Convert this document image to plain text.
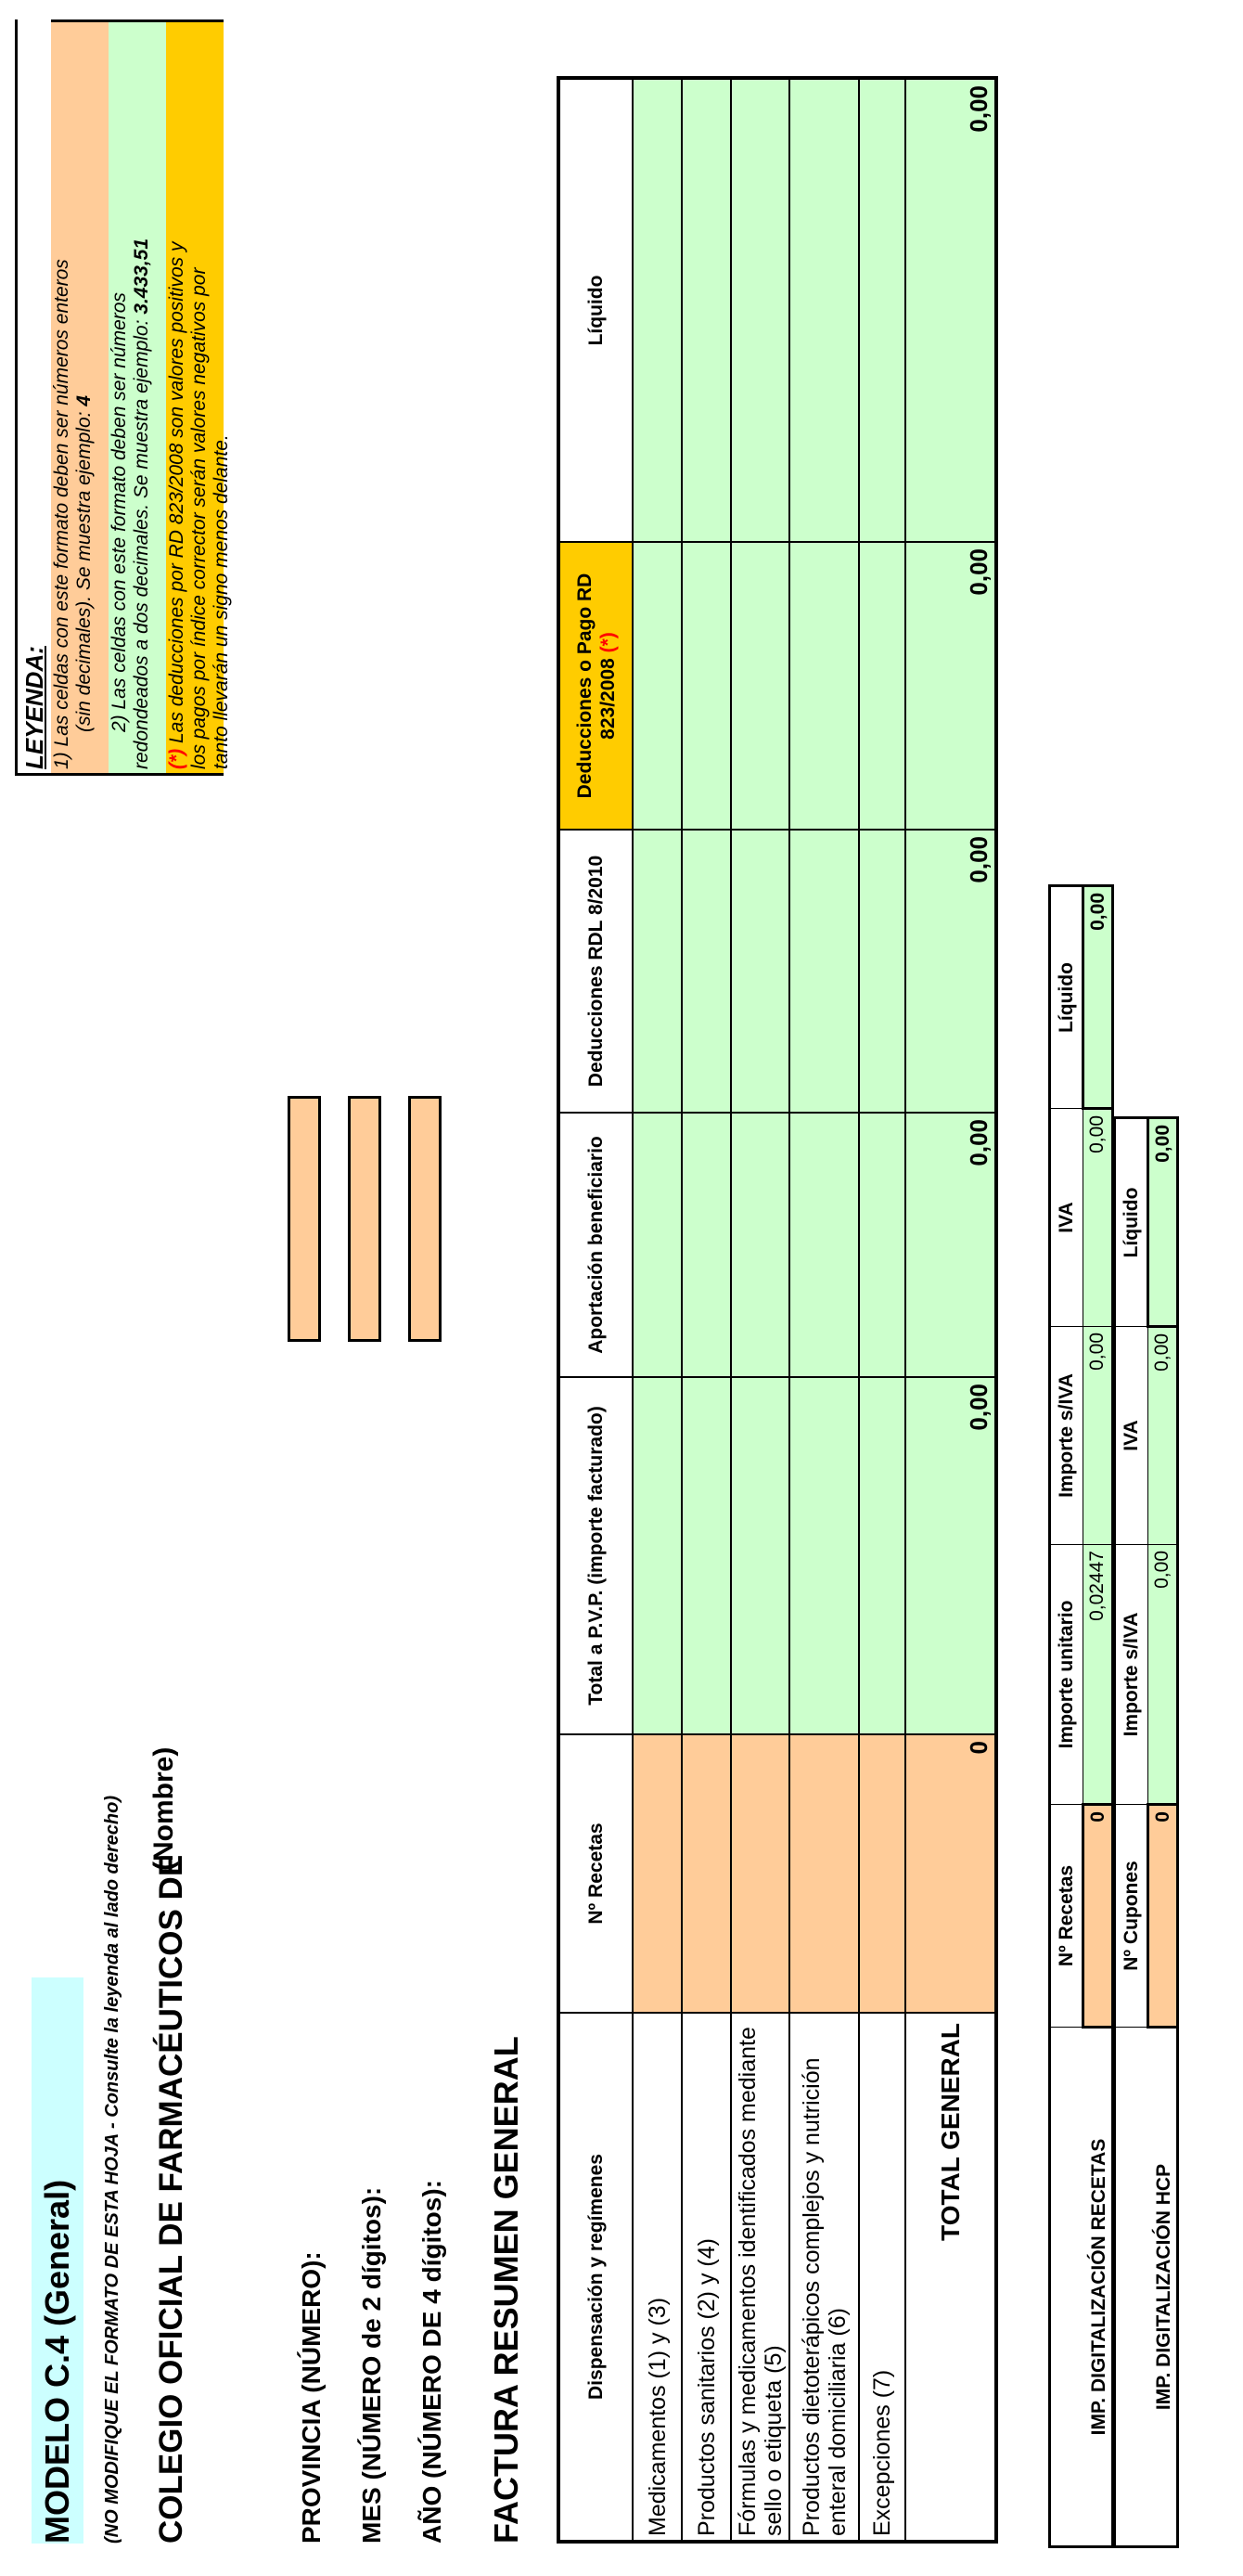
MODELO C.4 (General)	(NO MODIFIQUE EL FORMATO DE ESTA HOJA - Consulte la leyenda al lado derecho) COLEGIO OFICIAL DE FARMACÉUTICOS DE
(Nombre)
PROVINCIA (NÚMERO): MES (NÚMERO de 2 dígitos): AÑO (NÚMERO DE 4 dígitos): FACTURA RESUMEN GENERAL
LEYENDA: 1) Las celdas con este formato deben ser números enteros (sin decimales). Se muestra ejemplo: 4 2) Las celdas con este formato deben ser números redondeados a dos decimales. Se muestra ejemplo: 3.433,51
(*) Las deducciones por RD 823/2008 son valores positivos y los pagos por índice corrector serán valores negativos por tanto llevarán un signo menos delante.
Dispensación y regímenes	Nº Recetas	Total a P.V.P. (importe facturado)	Aportación beneficiario	Deducciones RDL 8/2010	Deducciones o Pago RD 823/2008 (*)	Líquido
Medicamentos (1) y (3)						
Productos sanitarios (2) y (4)						
Fórmulas y medicamentos identificados mediante sello o etiqueta (5)						
Productos dietoterápicos complejos y nutrición enteral domiciliaria (6)						
Excepciones (7)						
TOTAL GENERAL	0	0,00	0,00	0,00	0,00	0,00
IMP. DIGITALIZACIÓN RECETAS	Nº Recetas	Importe unitario	Importe s/IVA	IVA	Líquido
	0	0,02447	0,00	0,00	0,00
IMP. DIGITALIZACIÓN HCP	Nº Cupones	Importe s/IVA	IVA	Líquido
	0	0,00	0,00	0,00
